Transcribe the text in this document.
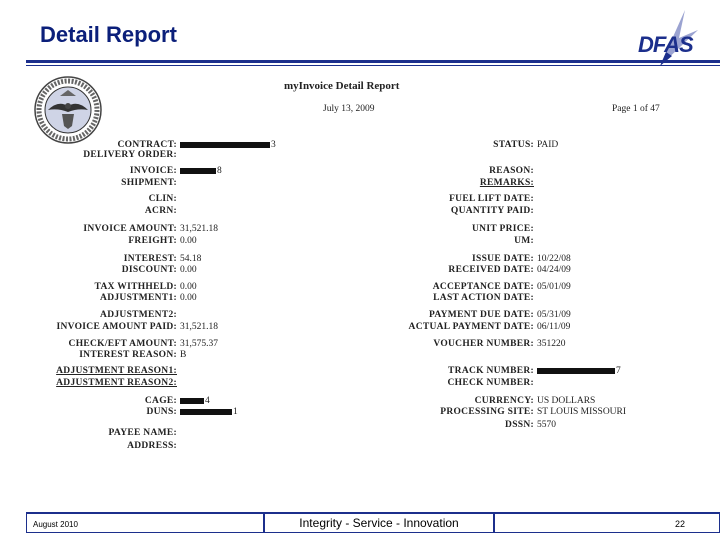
Detail Report	DFAS
myInvoice Detail Report
July 13, 2009	Page 1 of 47
CONTRACT:	3
DELIVERY ORDER:
INVOICE:	8
SHIPMENT:
CLIN:
ACRN:
INVOICE AMOUNT: 31,521.18
FREIGHT: 0.00
INTEREST: 54.18
DISCOUNT: 0.00
TAX WITHHELD: 0.00
ADJUSTMENT1: 0.00
ADJUSTMENT2:
INVOICE AMOUNT PAID: 31,521.18
CHECK/EFT AMOUNT: 31,575.37
INTEREST REASON: B
ADJUSTMENT REASON1:
ADJUSTMENT REASON2:
CAGE:	4
DUNS:	1
PAYEE NAME:
ADDRESS:
STATUS: PAID
REASON:
REMARKS:
FUEL LIFT DATE:
QUANTITY PAID:
UNIT PRICE:
UM:
ISSUE DATE: 10/22/08
RECEIVED DATE: 04/24/09
ACCEPTANCE DATE: 05/01/09
LAST ACTION DATE:
PAYMENT DUE DATE: 05/31/09
ACTUAL PAYMENT DATE: 06/11/09
VOUCHER NUMBER: 351220
TRACK NUMBER:	7
CHECK NUMBER:
CURRENCY: US DOLLARS
PROCESSING SITE: ST LOUIS MISSOURI
DSSN: 5570
August 2010	Integrity - Service - Innovation	22
